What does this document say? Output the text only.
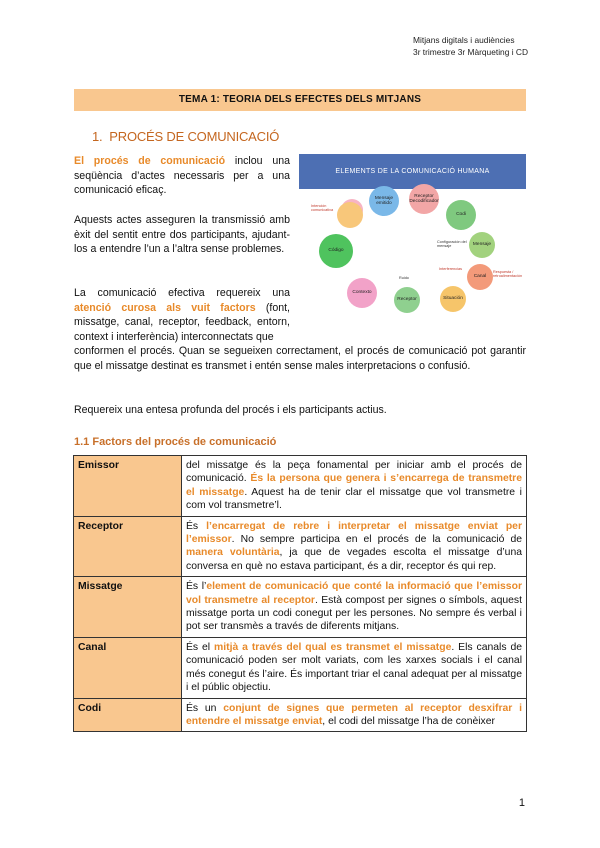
Mitjans digitals i audiències
3r trimestre 3r Màrqueting i CD
TEMA 1: TEORIA DELS EFECTES DELS MITJANS
1. PROCÉS DE COMUNICACIÓ
El procés de comunicació inclou una seqüència d’actes necessaris per a una comunicació eficaç.
Aquests actes asseguren la transmissió amb èxit del sentit entre dos participants, ajudant-los a entendre l’un a l’altra sense problemes.
La comunicació efectiva requereix una atenció curosa als vuit factors (font, missatge, canal, receptor, feedback, entorn, context i interferència) interconnectats que
conformen el procés. Quan se segueixen correctament, el procés de comunicació pot garantir que el missatge destinat es transmet i entén sense males interpretacions o confusió.
Requereix una entesa profunda del procés i els participants actius.
ELEMENTS DE LA COMUNICACIÓ HUMANA
Mensaje emitido
Receptor Decodificador
Codi
Mensaje
Canal
Situación
Receptor
Contexto
Código
Intención comunicativa
Configuración del mensaje
Interferencias
Respuesta / retroalimentación
Ruido
1.1 Factors del procés de comunicació
Emissor	del missatge és la peça fonamental per iniciar amb el procés de comunicació. És la persona que genera i s’encarrega de transmetre el missatge. Aquest ha de tenir clar el missatge que vol transmetre i com vol transmetre’l.
Receptor	És l’encarregat de rebre i interpretar el missatge enviat per l’emissor. No sempre participa en el procés de la comunicació de manera voluntària, ja que de vegades escolta el missatge d’una conversa en què no estava participant, és a dir, receptor és qui rep.
Missatge	És l’element de comunicació que conté la informació que l’emissor vol transmetre al receptor. Està compost per signes o símbols, aquest missatge porta un codi conegut per les persones. No sempre és verbal i pot ser transmès a través de diferents mitjans.
Canal	És el mitjà a través del qual es transmet el missatge. Els canals de comunicació poden ser molt variats, com les xarxes socials i el canal més conegut és l’aire. És important triar el canal adequat per al missatge i el públic objectiu.
Codi	És un conjunt de signes que permeten al receptor desxifrar i entendre el missatge enviat, el codi del missatge l’ha de conèixer
1
